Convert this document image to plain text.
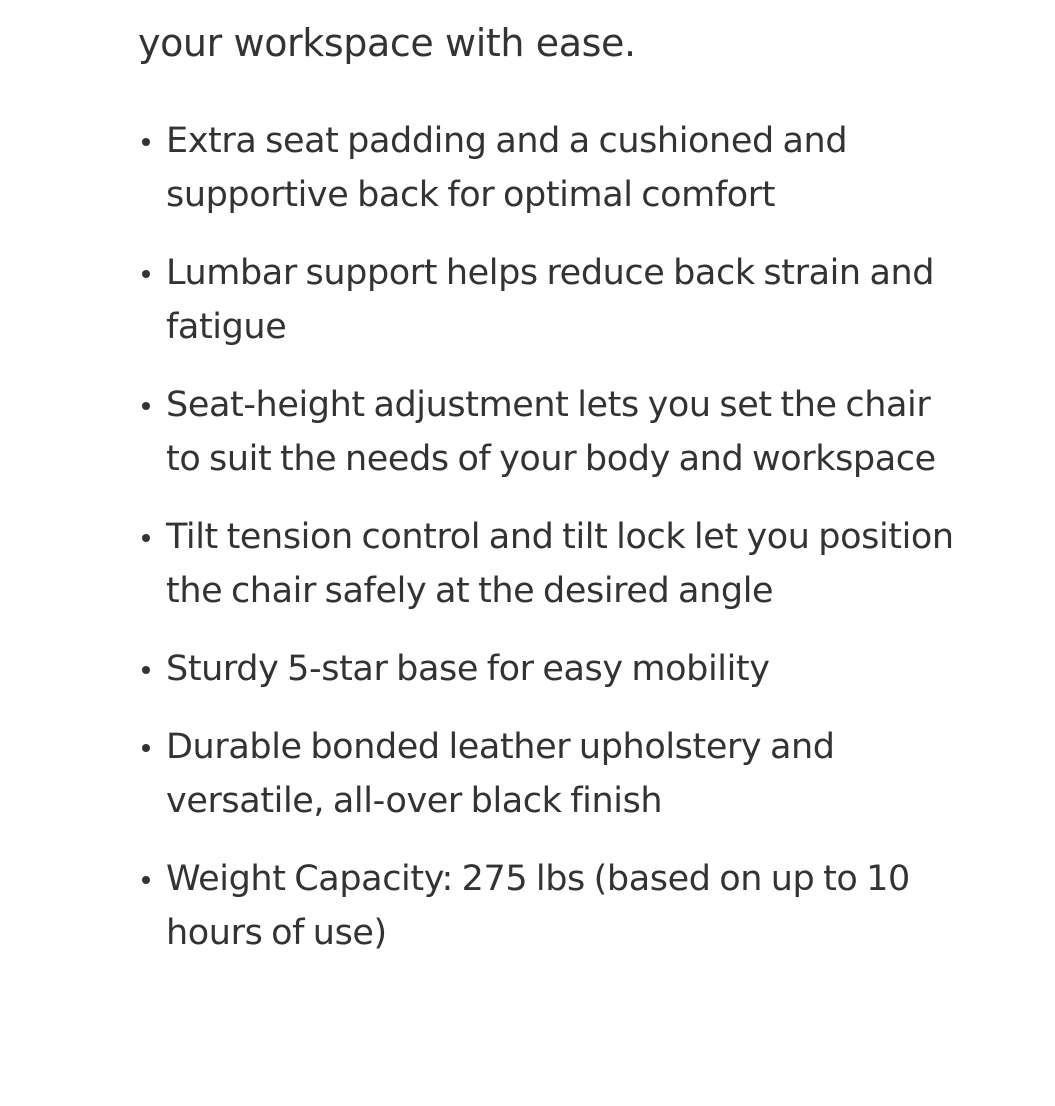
your workspace with ease.

Extra seat padding and a cushioned and supportive back for optimal comfort
Lumbar support helps reduce back strain and fatigue
Seat-height adjustment lets you set the chair to suit the needs of your body and workspace
Tilt tension control and tilt lock let you position the chair safely at the desired angle
Sturdy 5-star base for easy mobility
Durable bonded leather upholstery and versatile, all-over black finish
Weight Capacity: 275 lbs (based on up to 10 hours of use)
